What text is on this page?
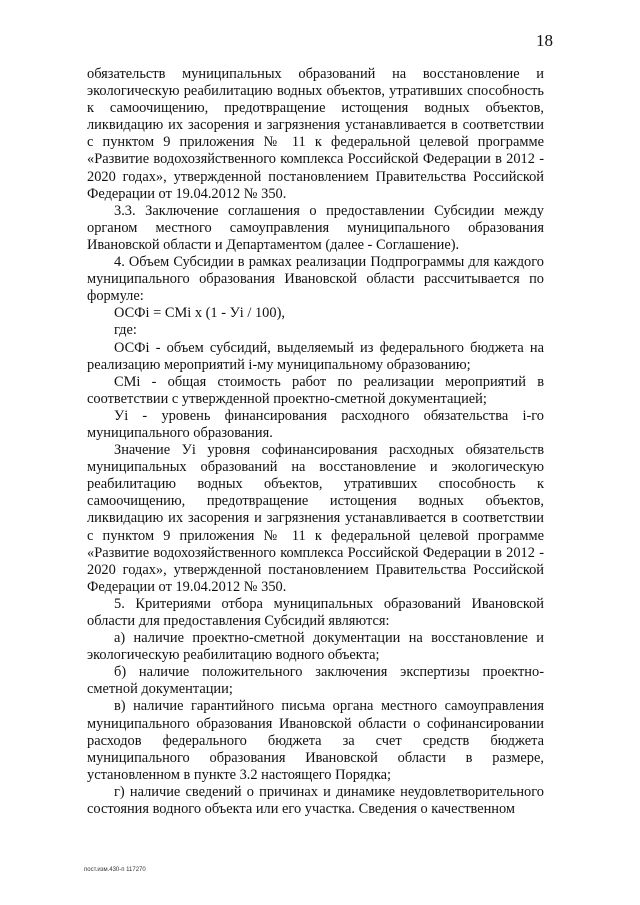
18

обязательств муниципальных образований на восстановление и экологическую реабилитацию водных объектов, утративших способность к самоочищению, предотвращение истощения водных объектов, ликвидацию их засорения и загрязнения устанавливается в соответствии с пунктом 9 приложения № 11 к федеральной целевой программе «Развитие водохозяйственного комплекса Российской Федерации в 2012 - 2020 годах», утвержденной постановлением Правительства Российской Федерации от 19.04.2012 № 350.

3.3. Заключение соглашения о предоставлении Субсидии между органом местного самоуправления муниципального образования Ивановской области и Департаментом (далее - Соглашение).

4. Объем Субсидии в рамках реализации Подпрограммы для каждого муниципального образования Ивановской области рассчитывается по формуле:

ОСФі = СМі х (1 - Уі / 100),

где:

ОСФі - объем субсидий, выделяемый из федерального бюджета на реализацию мероприятий і-му муниципальному образованию;

СМі - общая стоимость работ по реализации мероприятий в соответствии с утвержденной проектно-сметной документацией;

Уі - уровень финансирования расходного обязательства і-го муниципального образования.

Значение Уі уровня софинансирования расходных обязательств муниципальных образований на восстановление и экологическую реабилитацию водных объектов, утративших способность к самоочищению, предотвращение истощения водных объектов, ликвидацию их засорения и загрязнения устанавливается в соответствии с пунктом 9 приложения № 11 к федеральной целевой программе «Развитие водохозяйственного комплекса Российской Федерации в 2012 - 2020 годах», утвержденной постановлением Правительства Российской Федерации от 19.04.2012 № 350.

5. Критериями отбора муниципальных образований Ивановской области для предоставления Субсидий являются:

а) наличие проектно-сметной документации на восстановление и экологическую реабилитацию водного объекта;

б) наличие положительного заключения экспертизы проектно-сметной документации;

в) наличие гарантийного письма органа местного самоуправления муниципального образования Ивановской области о софинансировании расходов федерального бюджета за счет средств бюджета муниципального образования Ивановской области в размере, установленном в пункте 3.2 настоящего Порядка;

г) наличие сведений о причинах и динамике неудовлетворительного состояния водного объекта или его участка. Сведения о качественном

пост.изм.430-п 117270
